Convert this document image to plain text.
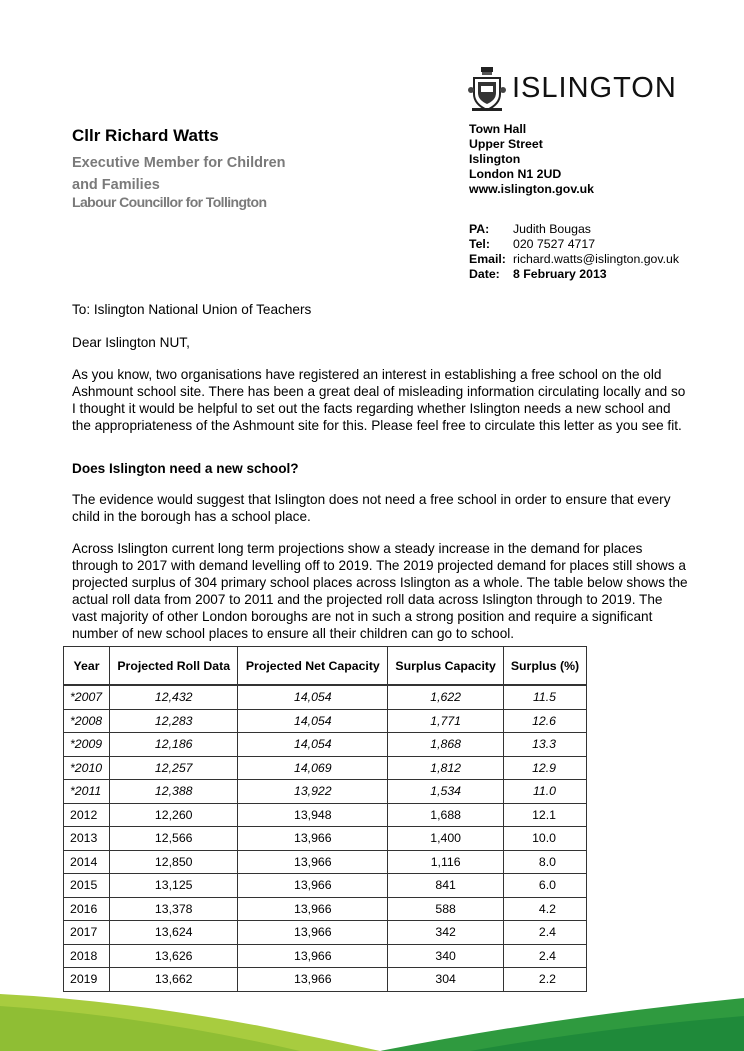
ISLINGTON
Cllr Richard Watts
Executive Member for Children
and Families
Labour Councillor for Tollington
Town Hall
Upper Street
Islington
London N1 2UD
www.islington.gov.uk
PA:	Judith Bougas
Tel:	020 7527 4717
Email: richard.watts@islington.gov.uk
Date:	8 February 2013
To: Islington National Union of Teachers
Dear Islington NUT,
As you know, two organisations have registered an interest in establishing a free school on the old Ashmount school site. There has been a great deal of misleading information circulating locally and so I thought it would be helpful to set out the facts regarding whether Islington needs a new school and the appropriateness of the Ashmount site for this. Please feel free to circulate this letter as you see fit.
Does Islington need a new school?
The evidence would suggest that Islington does not need a free school in order to ensure that every child in the borough has a school place.
Across Islington current long term projections show a steady increase in the demand for places through to 2017 with demand levelling off to 2019. The 2019 projected demand for places still shows a projected surplus of 304 primary school places across Islington as a whole. The table below shows the actual roll data from 2007 to 2011 and the projected roll data across Islington through to 2019. The vast majority of other London boroughs are not in such a strong position and require a significant number of new school places to ensure all their children can go to school.
Year	Projected Roll Data	Projected Net Capacity	Surplus Capacity	Surplus (%)
*2007	12,432	14,054	1,622	11.5
*2008	12,283	14,054	1,771	12.6
*2009	12,186	14,054	1,868	13.3
*2010	12,257	14,069	1,812	12.9
*2011	12,388	13,922	1,534	11.0
2012	12,260	13,948	1,688	12.1
2013	12,566	13,966	1,400	10.0
2014	12,850	13,966	1,116	8.0
2015	13,125	13,966	841	6.0
2016	13,378	13,966	588	4.2
2017	13,624	13,966	342	2.4
2018	13,626	13,966	340	2.4
2019	13,662	13,966	304	2.2
